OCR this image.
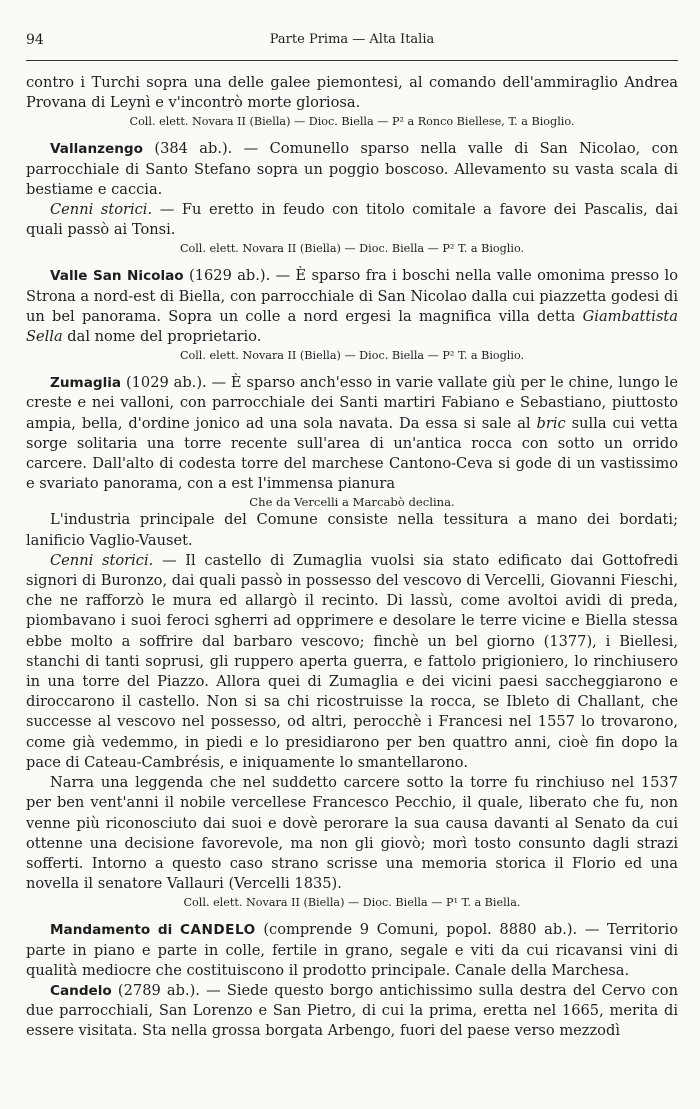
94	Parte Prima — Alta Italia

contro i Turchi sopra una delle galee piemontesi, al comando dell'ammiraglio Andrea Provana di Leynì e v'incontrò morte gloriosa.

Coll. elett. Novara II (Biella) — Dioc. Biella — P² a Ronco Biellese, T. a Bioglio.

Vallanzengo (384 ab.). — Comunello sparso nella valle di San Nicolao, con parrocchiale di Santo Stefano sopra un poggio boscoso. Allevamento su vasta scala di bestiame e caccia.

Cenni storici. — Fu eretto in feudo con titolo comitale a favore dei Pascalis, dai quali passò ai Tonsi.

Coll. elett. Novara II (Biella) — Dioc. Biella — P² T. a Bioglio.

Valle San Nicolao (1629 ab.). — È sparso fra i boschi nella valle omonima presso lo Strona a nord-est di Biella, con parrocchiale di San Nicolao dalla cui piazzetta godesi di un bel panorama. Sopra un colle a nord ergesi la magnifica villa detta Giambattista Sella dal nome del proprietario.

Coll. elett. Novara II (Biella) — Dioc. Biella — P² T. a Bioglio.

Zumaglia (1029 ab.). — È sparso anch'esso in varie vallate giù per le chine, lungo le creste e nei valloni, con parrocchiale dei Santi martiri Fabiano e Sebastiano, piuttosto ampia, bella, d'ordine jonico ad una sola navata. Da essa si sale al bric sulla cui vetta sorge solitaria una torre recente sull'area di un'antica rocca con sotto un orrido carcere. Dall'alto di codesta torre del marchese Cantono-Ceva si gode di un vastissimo e svariato panorama, con a est l'immensa pianura

Che da Vercelli a Marcabò declina.

L'industria principale del Comune consiste nella tessitura a mano dei bordati; lanificio Vaglio-Vauset.

Cenni storici. — Il castello di Zumaglia vuolsi sia stato edificato dai Gottofredi signori di Buronzo, dai quali passò in possesso del vescovo di Vercelli, Giovanni Fieschi, che ne rafforzò le mura ed allargò il recinto. Di lassù, come avoltoi avidi di preda, piombavano i suoi feroci sgherri ad opprimere e desolare le terre vicine e Biella stessa ebbe molto a soffrire dal barbaro vescovo; finchè un bel giorno (1377), i Biellesi, stanchi di tanti soprusi, gli ruppero aperta guerra, e fattolo prigioniero, lo rinchiusero in una torre del Piazzo. Allora quei di Zumaglia e dei vicini paesi saccheggiarono e diroccarono il castello. Non si sa chi ricostruisse la rocca, se Ibleto di Challant, che successe al vescovo nel possesso, od altri, perocchè i Francesi nel 1557 lo trovarono, come già vedemmo, in piedi e lo presidiarono per ben quattro anni, cioè fin dopo la pace di Cateau-Cambrésis, e iniquamente lo smantellarono.

Narra una leggenda che nel suddetto carcere sotto la torre fu rinchiuso nel 1537 per ben vent'anni il nobile vercellese Francesco Pecchio, il quale, liberato che fu, non venne più riconosciuto dai suoi e dovè perorare la sua causa davanti al Senato da cui ottenne una decisione favorevole, ma non gli giovò; morì tosto consunto dagli strazi sofferti. Intorno a questo caso strano scrisse una memoria storica il Florio ed una novella il senatore Vallauri (Vercelli 1835).

Coll. elett. Novara II (Biella) — Dioc. Biella — P¹ T. a Biella.

Mandamento di CANDELO (comprende 9 Comuni, popol. 8880 ab.). — Territorio parte in piano e parte in colle, fertile in grano, segale e viti da cui ricavansi vini di qualità mediocre che costituiscono il prodotto principale. Canale della Marchesa.

Candelo (2789 ab.). — Siede questo borgo antichissimo sulla destra del Cervo con due parrocchiali, San Lorenzo e San Pietro, di cui la prima, eretta nel 1665, merita di essere visitata. Sta nella grossa borgata Arbengo, fuori del paese verso mezzodì
